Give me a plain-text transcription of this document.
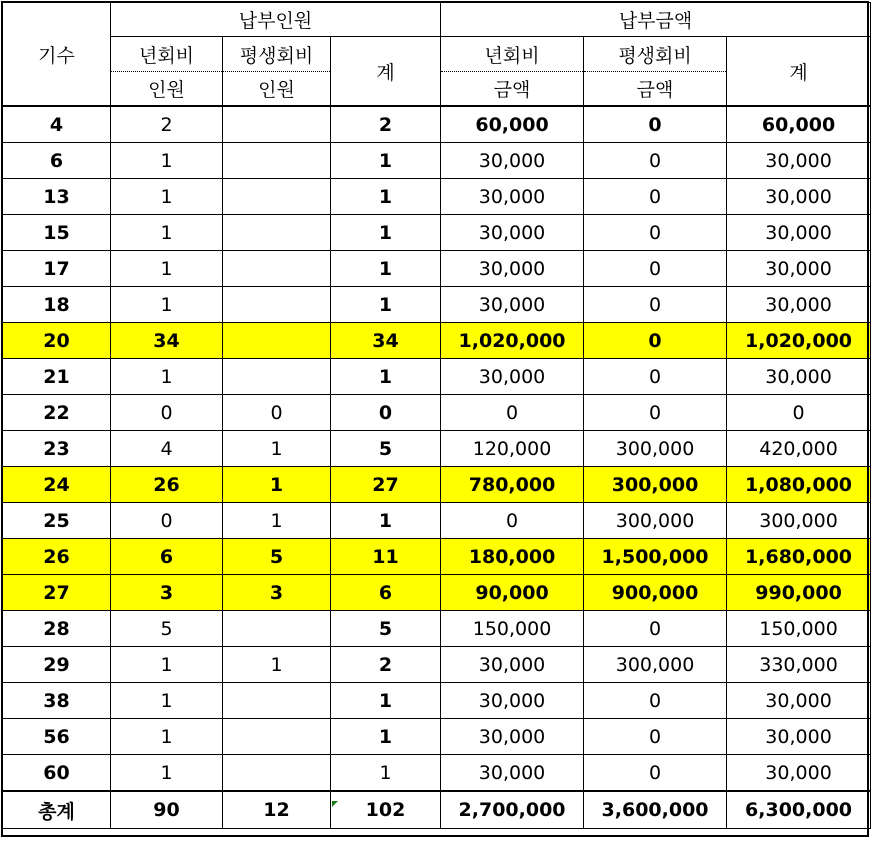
기수	납부인원			납부금액		
	년회비	평생회비	계	년회비	평생회비	계
	인원	인원		금액	금액	
4	2		2	60,000	0	60,000
6	1		1	30,000	0	30,000
13	1		1	30,000	0	30,000
15	1		1	30,000	0	30,000
17	1		1	30,000	0	30,000
18	1		1	30,000	0	30,000
20	34		34	1,020,000	0	1,020,000
21	1		1	30,000	0	30,000
22	0	0	0	0	0	0
23	4	1	5	120,000	300,000	420,000
24	26	1	27	780,000	300,000	1,080,000
25	0	1	1	0	300,000	300,000
26	6	5	11	180,000	1,500,000	1,680,000
27	3	3	6	90,000	900,000	990,000
28	5		5	150,000	0	150,000
29	1	1	2	30,000	300,000	330,000
38	1		1	30,000	0	30,000
56	1		1	30,000	0	30,000
60	1		1	30,000	0	30,000
총계	90	12	102	2,700,000	3,600,000	6,300,000
